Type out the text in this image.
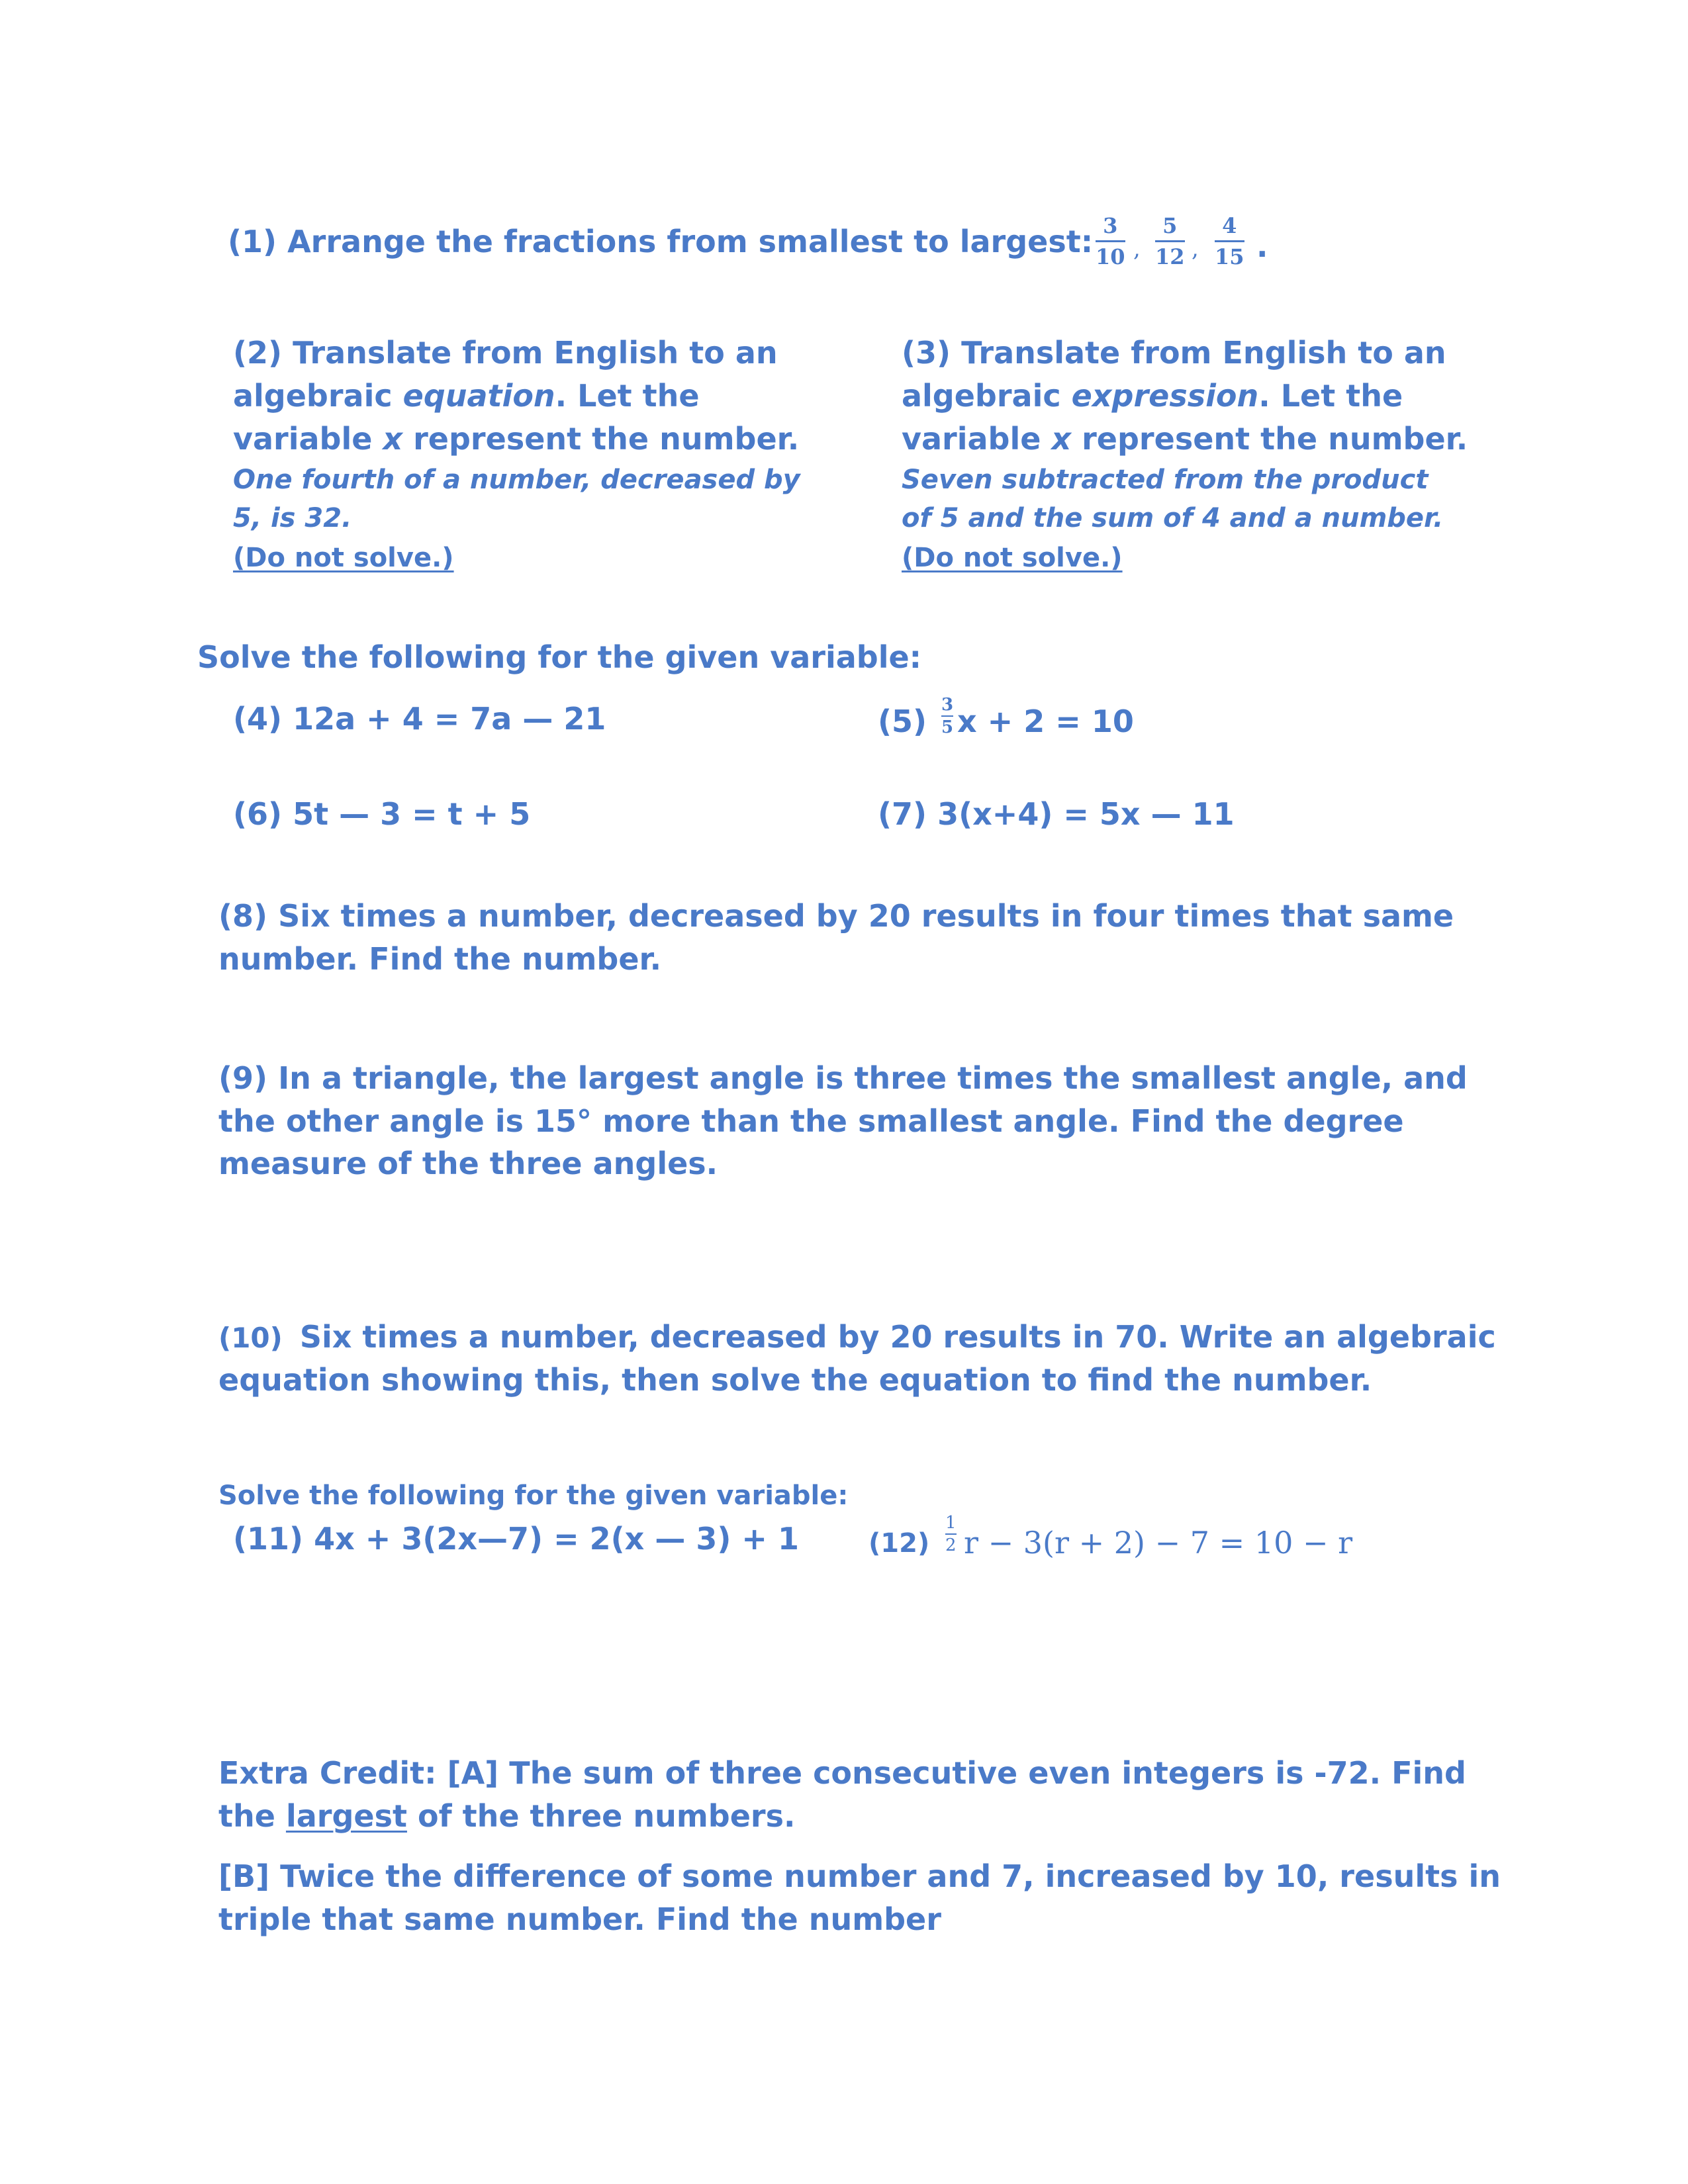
(1) Arrange the fractions from smallest to largest: 3
10 ,
5
12 ,
4
15 .
(2) Translate from English to an
algebraic equation. Let the
variable x represent the number.
One fourth of a number, decreased by
5, is 32.
(Do not solve.)
(3) Translate from English to an
algebraic expression. Let the
variable x represent the number.
Seven subtracted from the product
of 5 and the sum of 4 and a number.
(Do not solve.)
Solve the following for the given variable:
(4) 12a + 4 = 7a — 21	(5) 3
5 x + 2 = 10
(6) 5t — 3 = t + 5	(7) 3(x+4) = 5x — 11
(8) Six times a number, decreased by 20 results in four times that same
number. Find the number.
(9) In a triangle, the largest angle is three times the smallest angle, and
the other angle is 15° more than the smallest angle. Find the degree
measure of the three angles.
(10) Six times a number, decreased by 20 results in 70. Write an algebraic
equation showing this, then solve the equation to find the number.
Solve the following for the given variable:
(11) 4x + 3(2x—7) = 2(x — 3) + 1	(12)
1
2 r − 3(r + 2) − 7 = 10 − r
Extra Credit: [A] The sum of three consecutive even integers is -72. Find
the largest of the three numbers.
[B] Twice the difference of some number and 7, increased by 10, results in
triple that same number. Find the number
